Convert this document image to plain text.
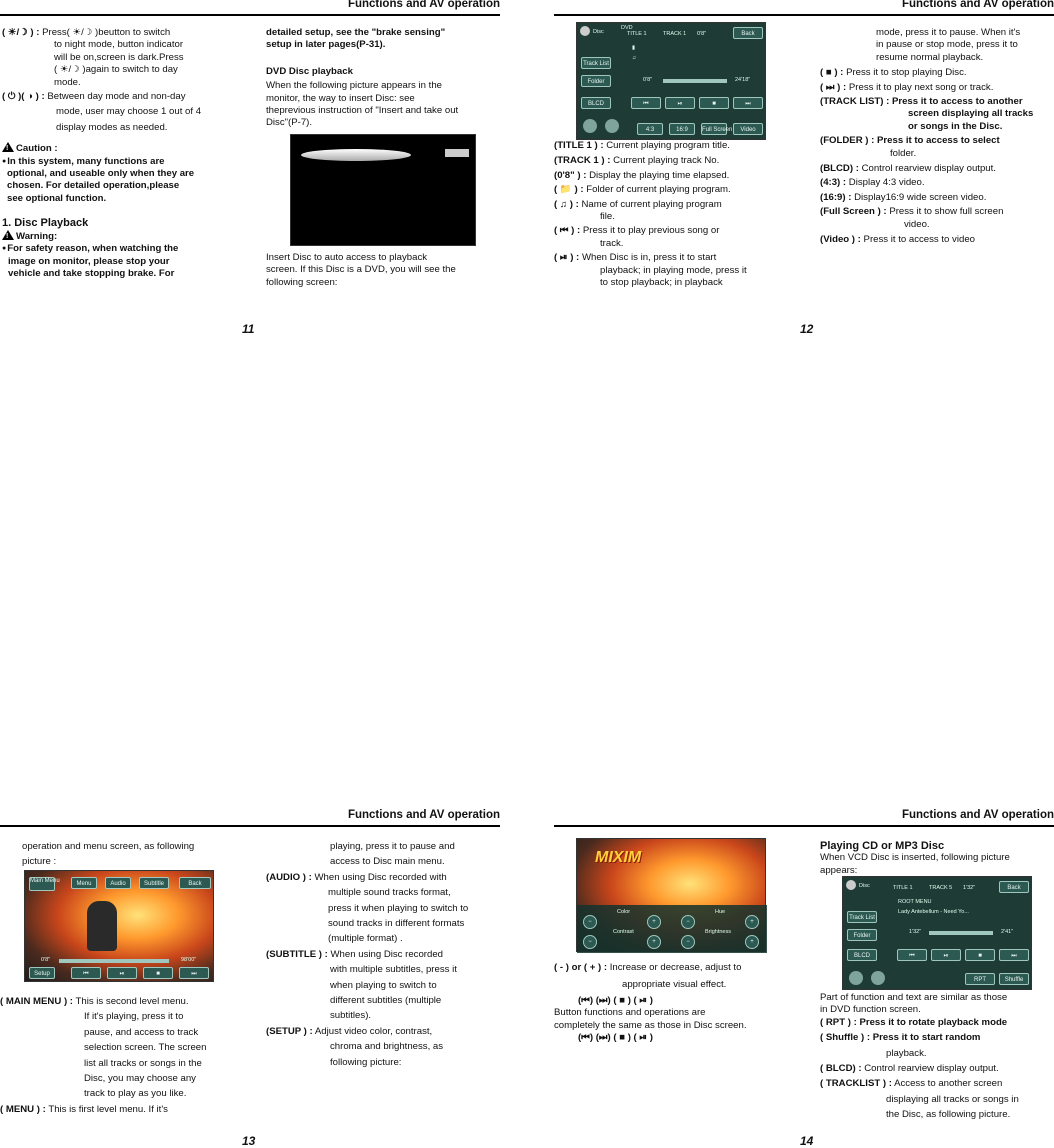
Functions and AV operation

( ☀/☽ ) : Press( ☀/☽ )beutton to switch

to night mode, button indicator

will be on,screen is dark.Press

( ☀/☽ )again to switch to day

mode.

( ⏻ )( ◑ ) : Between day mode and non-day

mode, user may choose 1 out of 4

display modes as needed.

!Caution :

● In this system, many functions are

optional, and useable only when they are

chosen. For detailed operation,please

see optional function.

1. Disc Playback

!Warning:

● For safety reason, when watching the

image on monitor, please stop your

vehicle and take stopping brake. For

detailed setup, see the "brake sensing"

setup in later pages(P-31).

DVD Disc playback

When the following picture appears in the

monitor, the way to insert Disc: see

theprevious instruction of "Insert and take out

Disc"(P-7).

Insert Disc to auto access to playback

screen. If this Disc is a DVD, you will see the

following screen:

11
Functions and AV operation
Disc
DVD
TITLE 1	TRACK 1 0'8"	Back
▮
♫
Track List
Folder
BLCD
0'8"	24'18"
⏮	⏯	■	⏭
4:3	16:9	Full Screen	Video

(TITLE 1 ) : Current playing program title.

(TRACK 1 ) : Current playing track No.

(0'8" ) : Display the playing time elapsed.

( 📁 ) : Folder of current playing program.

( ♫ ) : Name of current playing program

file.

( ⏮ ) : Press it to play previous song or

track.

( ⏯ ) : When Disc is in, press it to start

playback; in playing mode, press it

to stop playback; in playback

mode, press it to pause. When it's

in pause or stop mode, press it to

resume normal playback.

( ■ ) : Press it to stop playing Disc.

( ⏭ ) : Press it to play next song or track.

(TRACK LIST) : Press it to access to another

screen displaying all tracks

or songs in the Disc.

(FOLDER ) : Press it to access to select

folder.

(BLCD) : Control rearview display output.

(4:3) : Display 4:3 video.

(16:9) : Display16:9 wide screen video.

(Full Screen ) : Press it to show full screen

video.

(Video ) : Press it to access to video

12
Functions and AV operation

operation and menu screen, as following

picture :

Main Menu	Menu	Audio	Subtitle	Back
0'8"	98'00"
Setup	⏮	⏯	■	⏭

( MAIN MENU ) : This is second level menu.

If it's playing, press it to

pause, and access to track

selection screen. The screen

list all tracks or songs in the

Disc, you may choose any

track to play as you like.

( MENU ) : This is first level menu. If it's

playing, press it to pause and

access to Disc main menu.

(AUDIO ) : When using Disc recorded with

multiple sound tracks format,

press it when playing to switch to

sound tracks in different formats

(multiple format) .

(SUBTITLE ) : When using Disc recorded

with multiple subtitles, press it

when playing to switch to

different subtitles (multiple

subtitles).

(SETUP ) : Adjust video color, contrast,

chroma and brightness, as

following picture:

13
Functions and AV operation
MIXIM
Color	Hue
Contrast	Brightness
−	+	−	+
−	+	−	+

( - ) or ( + ) : Increase or decrease, adjust to

appropriate visual effect.

(⏮) (⏭) ( ■ ) ( ⏯ )

Button functions and operations are

completely the same as those in Disc screen.

(⏮) (⏭) ( ■ ) ( ⏯ )

Playing CD or MP3 Disc

When VCD Disc is inserted, following picture

appears:

Disc	TITLE 1	TRACK 5 1'32"	Back
ROOT MENU
Lady Antebellum - Need Yo...
Track List
Folder
BLCD
1'32"	2'41"
⏮	⏯	■	⏭
RPT	Shuffle

Part of function and text are similar as those

in DVD function screen.

( RPT ) : Press it to rotate playback mode

( Shuffle ) : Press it to start random

playback.

( BLCD) : Control rearview display output.

( TRACKLIST ) : Access to another screen

displaying all tracks or songs in

the Disc, as following picture.

14
